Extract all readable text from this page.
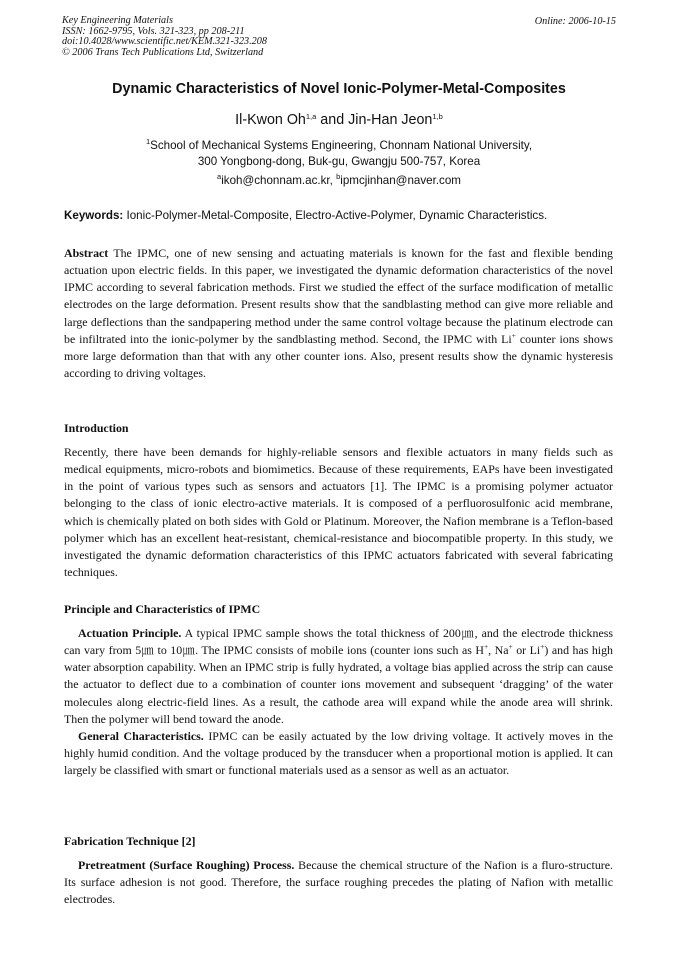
Key Engineering Materials
ISSN: 1662-9795, Vols. 321-323, pp 208-211
doi:10.4028/www.scientific.net/KEM.321-323.208
© 2006 Trans Tech Publications Ltd, Switzerland
Online: 2006-10-15
Dynamic Characteristics of Novel Ionic-Polymer-Metal-Composites
Il-Kwon Oh$^{1,a}$ and Jin-Han Jeon$^{1,b}$
$^1$School of Mechanical Systems Engineering, Chonnam National University,
300 Yongbong-dong, Buk-gu, Gwangju 500-757, Korea
$^a$ikoh@chonnam.ac.kr, $^b$ipmcjinhan@naver.com
Keywords: Ionic-Polymer-Metal-Composite, Electro-Active-Polymer, Dynamic Characteristics.

Abstract The IPMC, one of new sensing and actuating materials is known for the fast and flexible bending actuation upon electric fields. In this paper, we investigated the dynamic deformation characteristics of the novel IPMC according to several fabrication methods. First we studied the effect of the surface modification of metallic electrodes on the large deformation. Present results show that the sandblasting method can give more reliable and large deflections than the sandpapering method under the same control voltage because the platinum electrode can be infiltrated into the ionic-polymer by the sandblasting method. Second, the IPMC with Li+ counter ions shows more large deformation than that with any other counter ions. Also, present results show the dynamic hysteresis according to driving voltages.

Introduction

Recently, there have been demands for highly-reliable sensors and flexible actuators in many fields such as medical equipments, micro-robots and biomimetics. Because of these requirements, EAPs have been investigated in the point of various types such as sensors and actuators [1]. The IPMC is a promising polymer actuator belonging to the class of ionic electro-active materials. It is composed of a perfluorosulfonic acid membrane, which is chemically plated on both sides with Gold or Platinum. Moreover, the Nafion membrane is a Teflon-based polymer which has an excellent heat-resistant, chemical-resistance and biocompatible property. In this study, we investigated the dynamic deformation characteristics of this IPMC actuators fabricated with several fabricating techniques.

Principle and Characteristics of IPMC

Actuation Principle. A typical IPMC sample shows the total thickness of 200㎛, and the electrode thickness can vary from 5㎛ to 10㎛. The IPMC consists of mobile ions (counter ions such as H+, Na+ or Li+) and has high water absorption capability. When an IPMC strip is fully hydrated, a voltage bias applied across the strip can cause the actuator to deflect due to a combination of counter ions movement and subsequent ‘dragging’ of the water molecules along electric-field lines. As a result, the cathode area will expand while the anode area will shrink. Then the polymer will bend toward the anode.

General Characteristics. IPMC can be easily actuated by the low driving voltage. It actively moves in the highly humid condition. And the voltage produced by the transducer when a proportional motion is applied. It can largely be classified with smart or functional materials used as a sensor as well as an actuator.

Fabrication Technique [2]

Pretreatment (Surface Roughing) Process. Because the chemical structure of the Nafion is a fluro-structure. Its surface adhesion is not good. Therefore, the surface roughing precedes the plating of Nafion with metallic electrodes.
